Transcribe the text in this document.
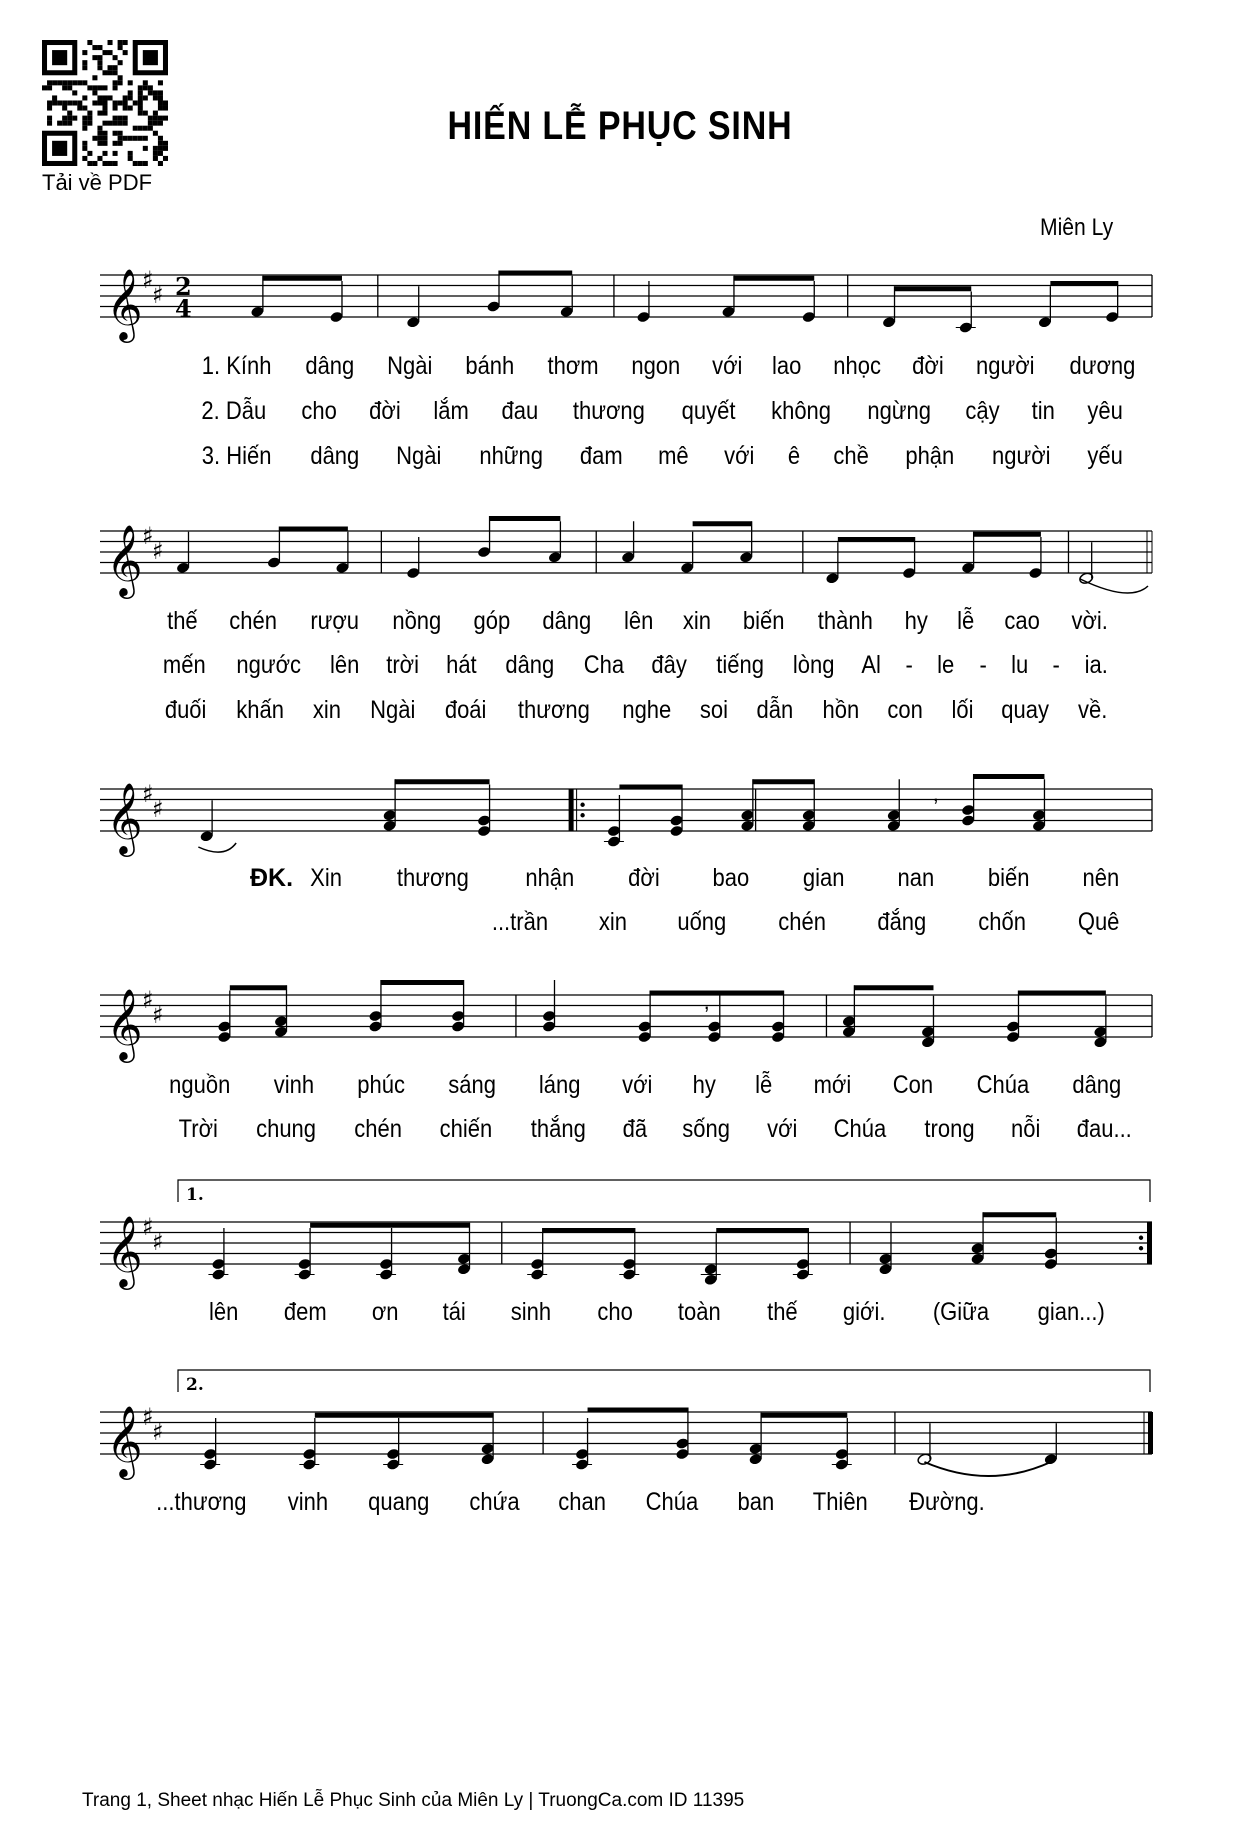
Tải về PDF
HIẾN LỄ PHỤC SINH
Miên Ly
𝄞 ♯
♯ 2
4
𝄞 ♯
♯
𝄞 ♯
♯
𝄞 ♯
♯
𝄞 ♯
♯
1.
𝄞 ♯
♯
2.
,
,
1. Kính dâng Ngài bánh thơm ngon với lao nhọc đời người dương
2. Dẫu cho đời lắm đau thương quyết không ngừng cậy tin yêu
3. Hiến dâng Ngài những đam mê với ê chề phận người yếu
thế chén rượu nồng góp dâng lên xin biến thành hy lễ cao vời.
mến ngước lên trời hát dâng Cha đây tiếng lòng Al - le - lu - ia.
đuối khấn xin Ngài đoái thương nghe soi dẫn hồn con lối quay về.
ĐK. Xin thương nhận đời bao gian nan biến nên
...trần xin uống chén đắng chốn Quê
nguồn vinh phúc sáng láng với hy lễ mới Con Chúa dâng
Trời chung chén chiến thắng đã sống với Chúa trong nỗi đau...
lên đem ơn tái sinh cho toàn thế giới. (Giữa gian...)
...thương vinh quang chứa chan Chúa ban Thiên Đường.
Trang 1, Sheet nhạc Hiến Lễ Phục Sinh của Miên Ly | TruongCa.com ID 11395
